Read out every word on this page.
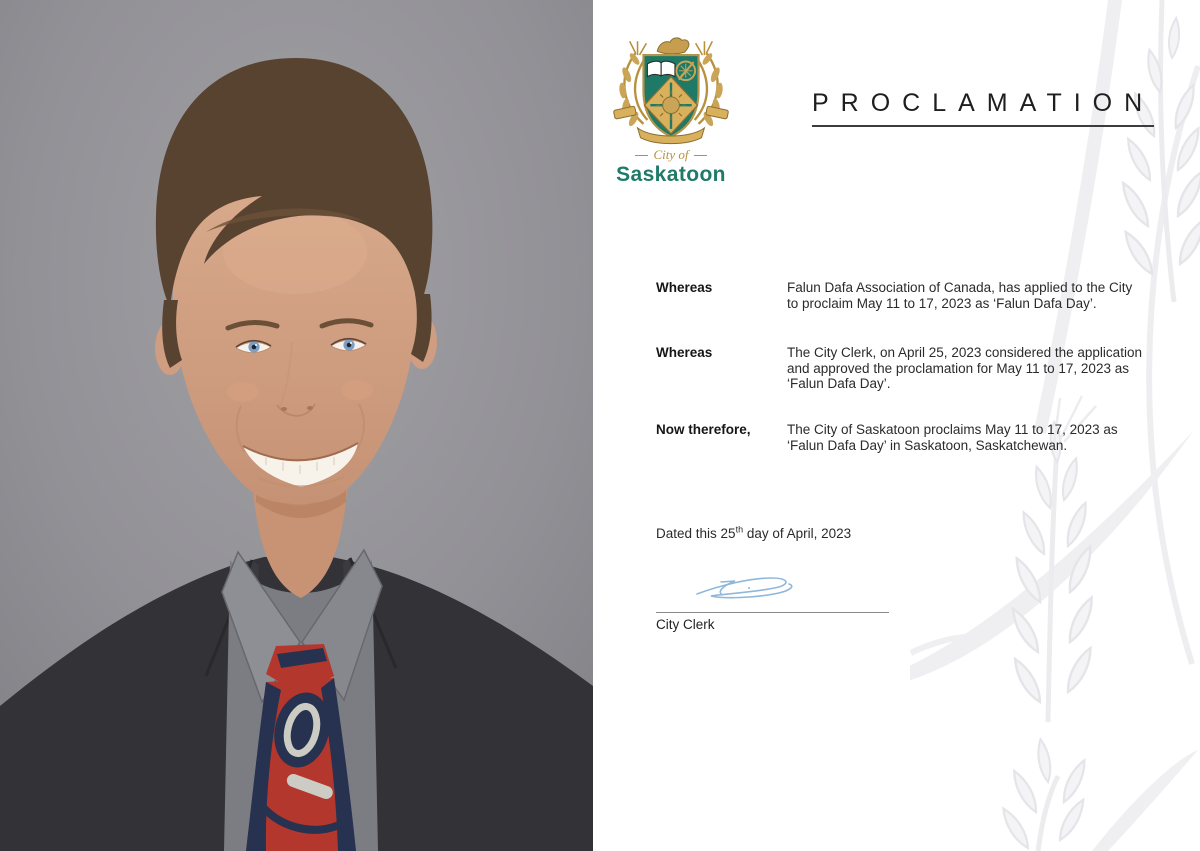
City of
Saskatoon
PROCLAMATION
Whereas	Falun Dafa Association of Canada, has applied to the City to proclaim May 11 to 17, 2023 as ‘Falun Dafa Day’.
Whereas	The City Clerk, on April 25, 2023 considered the application and approved the proclamation for May 11 to 17, 2023 as ‘Falun Dafa Day’.
Now therefore,	The City of Saskatoon proclaims May 11 to 17, 2023 as ‘Falun Dafa Day’ in Saskatoon, Saskatchewan.
Dated this 25th day of April, 2023
City Clerk
